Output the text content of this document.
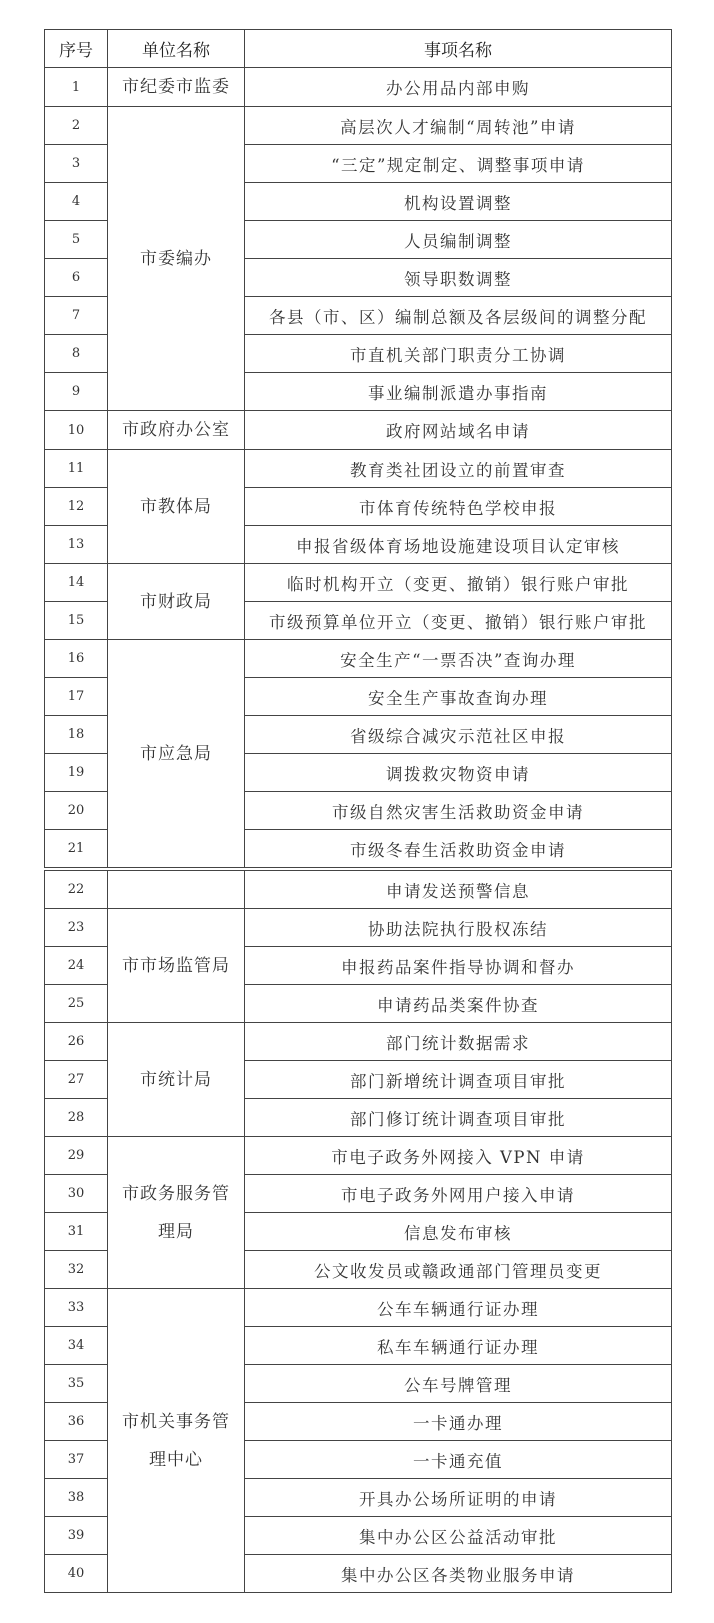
序号	单位名称	事项名称
1	市纪委市监委	办公用品内部申购
2	市委编办	高层次人才编制“周转池”申请
3		“三定”规定制定、调整事项申请
4		机构设置调整
5		人员编制调整
6		领导职数调整
7		各县（市、区）编制总额及各层级间的调整分配
8		市直机关部门职责分工协调
9		事业编制派遣办事指南
10	市政府办公室	政府网站域名申请
11	市教体局	教育类社团设立的前置审查
12		市体育传统特色学校申报
13		申报省级体育场地设施建设项目认定审核
14	市财政局	临时机构开立（变更、撤销）银行账户审批
15		市级预算单位开立（变更、撤销）银行账户审批
16	市应急局	安全生产“一票否决”查询办理
17		安全生产事故查询办理
18		省级综合减灾示范社区申报
19		调拨救灾物资申请
20		市级自然灾害生活救助资金申请
21		市级冬春生活救助资金申请
22		申请发送预警信息
23	市市场监管局	协助法院执行股权冻结
24		申报药品案件指导协调和督办
25		申请药品类案件协查
26	市统计局	部门统计数据需求
27		部门新增统计调查项目审批
28		部门修订统计调查项目审批
29	市政务服务管理局	市电子政务外网接入 VPN 申请
30		市电子政务外网用户接入申请
31		信息发布审核
32		公文收发员或赣政通部门管理员变更
33	市机关事务管理中心	公车车辆通行证办理
34		私车车辆通行证办理
35		公车号牌管理
36		一卡通办理
37		一卡通充值
38		开具办公场所证明的申请
39		集中办公区公益活动审批
40		集中办公区各类物业服务申请
